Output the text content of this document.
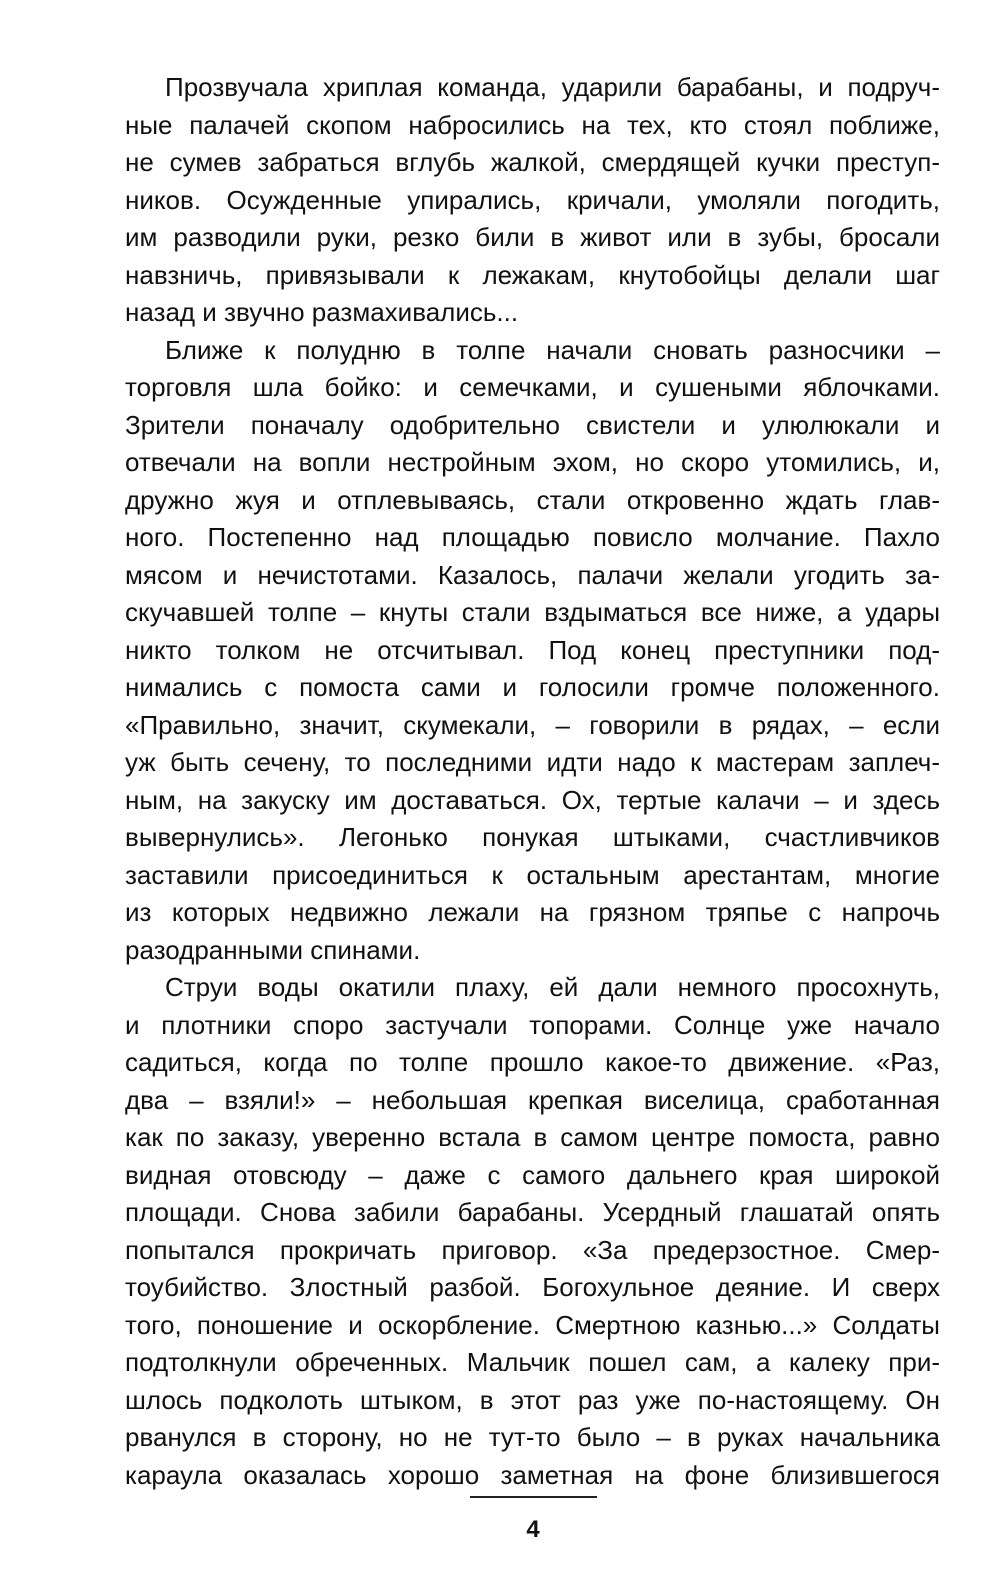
Прозвучала хриплая команда, ударили барабаны, и подруч-
ные палачей скопом набросились на тех, кто стоял поближе,
не сумев забраться вглубь жалкой, смердящей кучки преступ-
ников. Осужденные упирались, кричали, умоляли погодить,
им разводили руки, резко били в живот или в зубы, бросали
навзничь, привязывали к лежакам, кнутобойцы делали шаг
назад и звучно размахивались...
Ближе к полудню в толпе начали сновать разносчики –
торговля шла бойко: и семечками, и сушеными яблочками.
Зрители поначалу одобрительно свистели и улюлюкали и
отвечали на вопли нестройным эхом, но скоро утомились, и,
дружно жуя и отплевываясь, стали откровенно ждать глав-
ного. Постепенно над площадью повисло молчание. Пахло
мясом и нечистотами. Казалось, палачи желали угодить за-
скучавшей толпе – кнуты стали вздыматься все ниже, а удары
никто толком не отсчитывал. Под конец преступники под-
нимались с помоста сами и голосили громче положенного.
«Правильно, значит, скумекали, – говорили в рядах, – если
уж быть сечену, то последними идти надо к мастерам заплеч-
ным, на закуску им доставаться. Ох, тертые калачи – и здесь
вывернулись». Легонько понукая штыками, счастливчиков
заставили присоединиться к остальным арестантам, многие
из которых недвижно лежали на грязном тряпье с напрочь
разодранными спинами.
Струи воды окатили плаху, ей дали немного просохнуть,
и плотники споро застучали топорами. Солнце уже начало
садиться, когда по толпе прошло какое-то движение. «Раз,
два – взяли!» – небольшая крепкая виселица, сработанная
как по заказу, уверенно встала в самом центре помоста, равно
видная отовсюду – даже с самого дальнего края широкой
площади. Снова забили барабаны. Усердный глашатай опять
попытался прокричать приговор. «За предерзостное. Смер-
тоубийство. Злостный разбой. Богохульное деяние. И сверх
того, поношение и оскорбление. Смертною казнью...» Солдаты
подтолкнули обреченных. Мальчик пошел сам, а калеку при-
шлось подколоть штыком, в этот раз уже по-настоящему. Он
рванулся в сторону, но не тут-то было – в руках начальника
караула оказалась хорошо заметная на фоне близившегося
4
